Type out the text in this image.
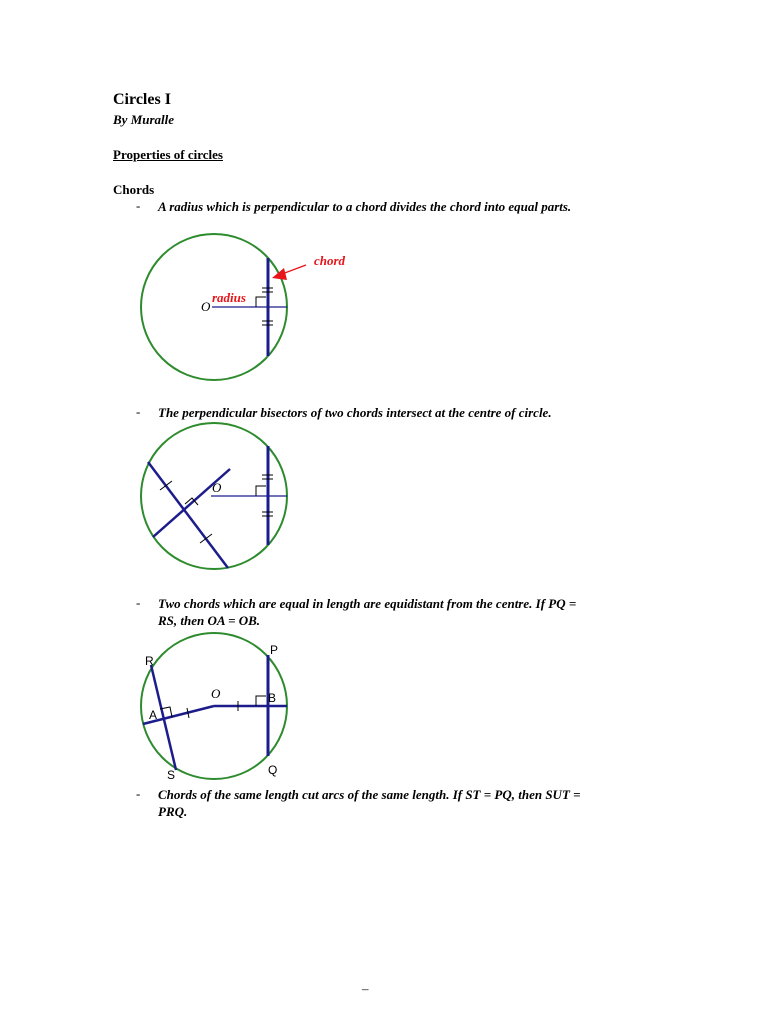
Circles I
By Muralle
Properties of circles
Chords
- A radius which is perpendicular to a chord divides the chord into equal parts.
O
radius
chord
- The perpendicular bisectors of two chords intersect at the centre of circle.
O
- Two chords which are equal in length are equidistant from the centre. If PQ =
RS, then OA = OB.
O
P
Q
R
S
A
B
- Chords of the same length cut arcs of the same length. If ST = PQ, then SUT =
PRQ.
–
